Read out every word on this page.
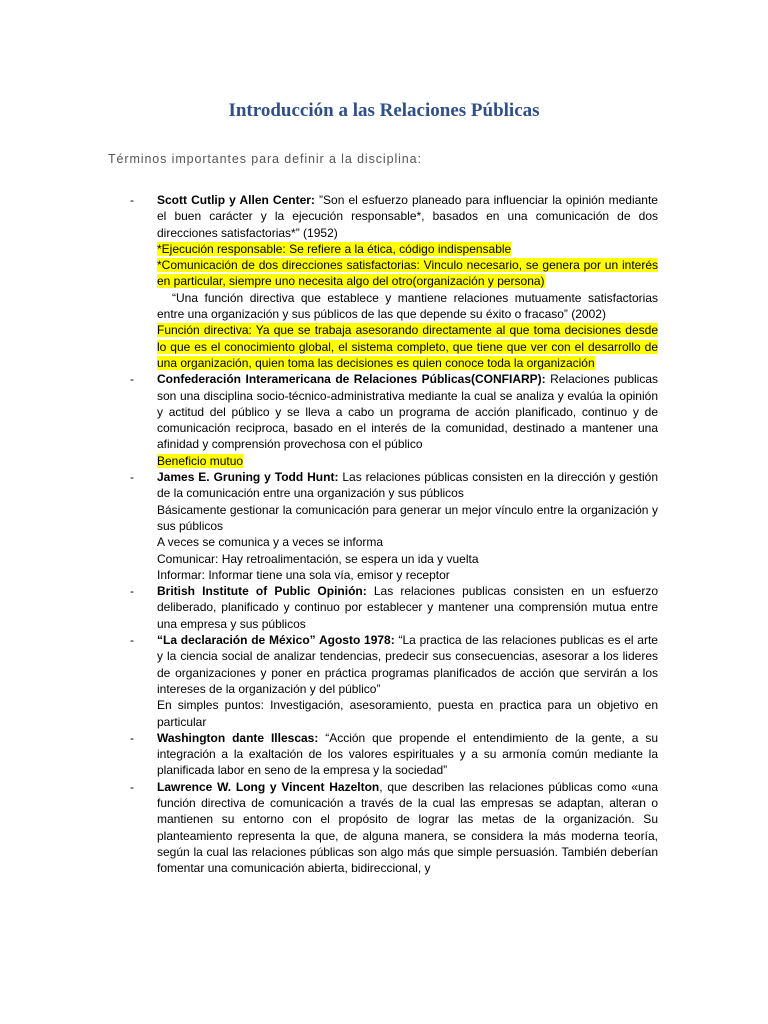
Introducción a las Relaciones Públicas
Términos importantes para definir a la disciplina:
- Scott Cutlip y Allen Center: ”Son el esfuerzo planeado para influenciar la opinión mediante el buen carácter y la ejecución responsable*, basados en una comunicación de dos direcciones satisfactorias*” (1952)

*Ejecución responsable: Se refiere a la ética, código indispensable

*Comunicación de dos direcciones satisfactorias: Vinculo necesario, se genera por un interés en particular, siempre uno necesita algo del otro(organización y persona)

“Una función directiva que establece y mantiene relaciones mutuamente satisfactorias entre una organización y sus públicos de las que depende su éxito o fracaso” (2002)

Función directiva: Ya que se trabaja asesorando directamente al que toma decisiones desde lo que es el conocimiento global, el sistema completo, que tiene que ver con el desarrollo de una organización, quien toma las decisiones es quien conoce toda la organización

- Confederación Interamericana de Relaciones Públicas(CONFIARP): Relaciones publicas son una disciplina socio-técnico-administrativa mediante la cual se analiza y evalúa la opinión y actitud del público y se lleva a cabo un programa de acción planificado, continuo y de comunicación reciproca, basado en el interés de la comunidad, destinado a mantener una afinidad y comprensión provechosa con el público

Beneficio mutuo

- James E. Gruning y Todd Hunt: Las relaciones públicas consisten en la dirección y gestión de la comunicación entre una organización y sus públicos

Básicamente gestionar la comunicación para generar un mejor vínculo entre la organización y sus públicos

A veces se comunica y a veces se informa

Comunicar: Hay retroalimentación, se espera un ida y vuelta

Informar: Informar tiene una sola vía, emisor y receptor

- British Institute of Public Opinión: Las relaciones publicas consisten en un esfuerzo deliberado, planificado y continuo por establecer y mantener una comprensión mutua entre una empresa y sus públicos

- “La declaración de México” Agosto 1978: “La practica de las relaciones publicas es el arte y la ciencia social de analizar tendencias, predecir sus consecuencias, asesorar a los lideres de organizaciones y poner en práctica programas planificados de acción que servirán a los intereses de la organización y del público”

En simples puntos: Investigación, asesoramiento, puesta en practica para un objetivo en particular

- Washington dante Illescas: “Acción que propende el entendimiento de la gente, a su integración a la exaltación de los valores espirituales y a su armonía común mediante la planificada labor en seno de la empresa y la sociedad”

- Lawrence W. Long y Vincent Hazelton, que describen las relaciones públicas como «una función directiva de comunicación a través de la cual las empresas se adaptan, alteran o mantienen su entorno con el propósito de lograr las metas de la organización. Su planteamiento representa la que, de alguna manera, se considera la más moderna teoría, según la cual las relaciones públicas son algo más que simple persuasión. También deberían fomentar una comunicación abierta, bidireccional, y
